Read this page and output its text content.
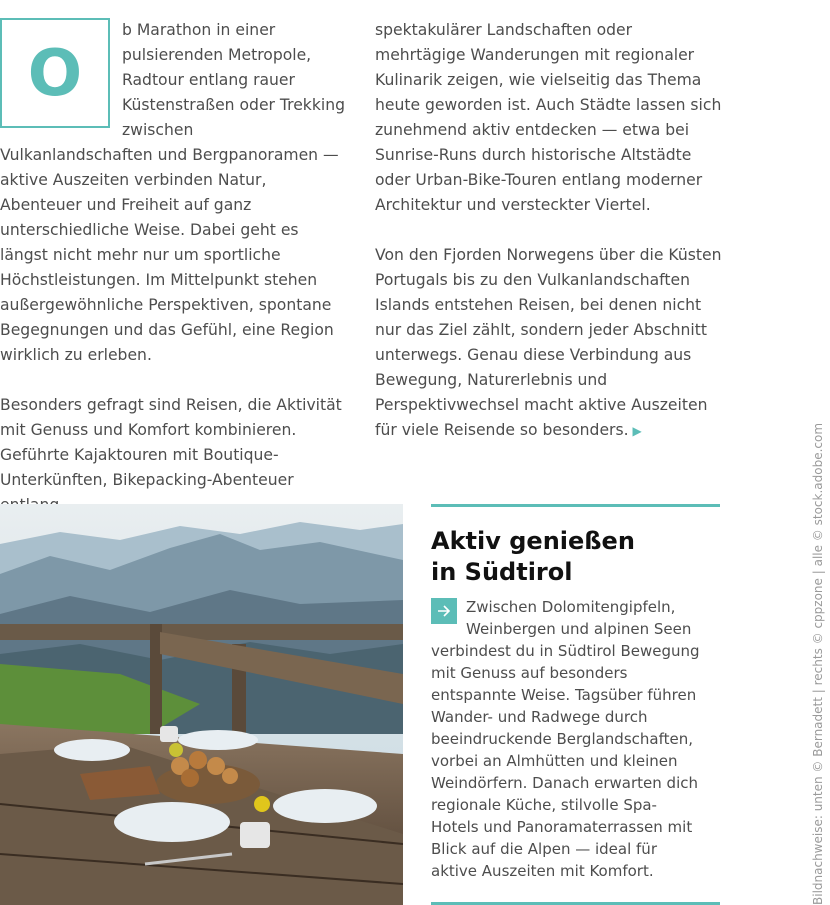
O

b Marathon in einer pulsierenden Metropole, Radtour entlang rauer Küstenstraßen oder Trekking zwischen Vulkanlandschaften und Bergpanoramen — aktive Auszeiten verbinden Natur, Abenteuer und Freiheit auf ganz unterschiedliche Weise. Dabei geht es längst nicht mehr nur um sportliche Höchstleistungen. Im Mittelpunkt stehen außergewöhnliche Perspektiven, spontane Begegnungen und das Gefühl, eine Region wirklich zu erleben.

Besonders gefragt sind Reisen, die Aktivität mit Genuss und Komfort kombinieren. Geführte Kajaktouren mit Boutique-Unterkünften, Bikepacking-Abenteuer

spektakulärer Landschaften oder mehrtägige Wanderungen mit regionaler Kulinarik zeigen, wie vielseitig das Thema heute geworden ist. Auch Städte lassen sich zunehmend aktiv entdecken — etwa bei Sunrise-Runs durch historische Altstädte oder Urban-Bike-Touren entlang moderner Architektur und versteckter Viertel.

Von den Fjorden Norwegens über die Küsten Portugals bis zu den Vulkanlandschaften Islands entstehen Reisen, bei denen nicht nur das Ziel zählt, sondern jeder Abschnitt unterwegs. Genau diese Verbindung aus Bewegung, Naturerlebnis und Perspektivwechsel macht aktive Auszeiten für viele Reisende so besonders. ▶

Aktiv genießen
in Südtirol
Zwischen Dolomitengipfeln, Weinbergen und alpinen Seen verbindest du in Südtirol Bewegung mit Genuss auf besonders entspannte Weise. Tagsüber führen Wander- und Radwege durch beeindruckende Berglandschaften, vorbei an Almhütten und kleinen Weindörfern. Danach erwarten dich regionale Küche, stilvolle Spa-Hotels und Panoramaterrassen mit Blick auf die Alpen — ideal für aktive Auszeiten mit Komfort.	Bildnachweise: unten © Bernadett | rechts © cppzone | alle © stock.adobe.com
